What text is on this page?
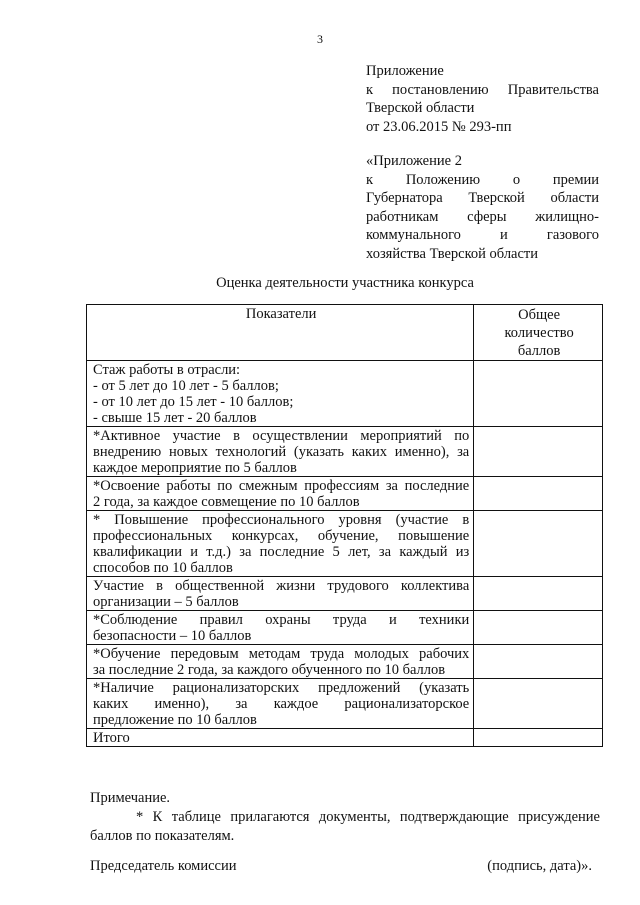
3
Приложение
к постановлению Правительства
Тверской области
от 23.06.2015 № 293-пп
«Приложение 2
к Положению о премии
Губернатора Тверской области
работникам сферы жилищно-
коммунального	и	газового
хозяйства Тверской области
Оценка деятельности участника конкурса
Показатели	Общее
количество
баллов

Стаж работы в отрасли:
- от 5 лет до 10 лет - 5 баллов;
- от 10 лет до 15 лет - 10 баллов;
- свыше 15 лет - 20 баллов	

*Активное участие в осуществлении мероприятий по
внедрению новых технологий (указать каких именно), за
каждое мероприятие по 5 баллов	

*Освоение работы по смежным профессиям за последние
2 года, за каждое совмещение по 10 баллов	

* Повышение профессионального уровня (участие в
профессиональных конкурсах, обучение, повышение
квалификации и т.д.) за последние 5 лет, за каждый из
способов по 10 баллов	

Участие в общественной жизни трудового коллектива
организации – 5 баллов	

*Соблюдение правил охраны труда и техники
безопасности – 10 баллов	

*Обучение передовым методам труда молодых рабочих
за последние 2 года, за каждого обученного по 10 баллов	

*Наличие рационализаторских предложений (указать
каких именно), за каждое рационализаторское
предложение по 10 баллов	

Итого	

Примечание.
* К таблице прилагаются документы, подтверждающие присуждение
баллов по показателям.
Председатель комиссии	(подпись, дата)».
